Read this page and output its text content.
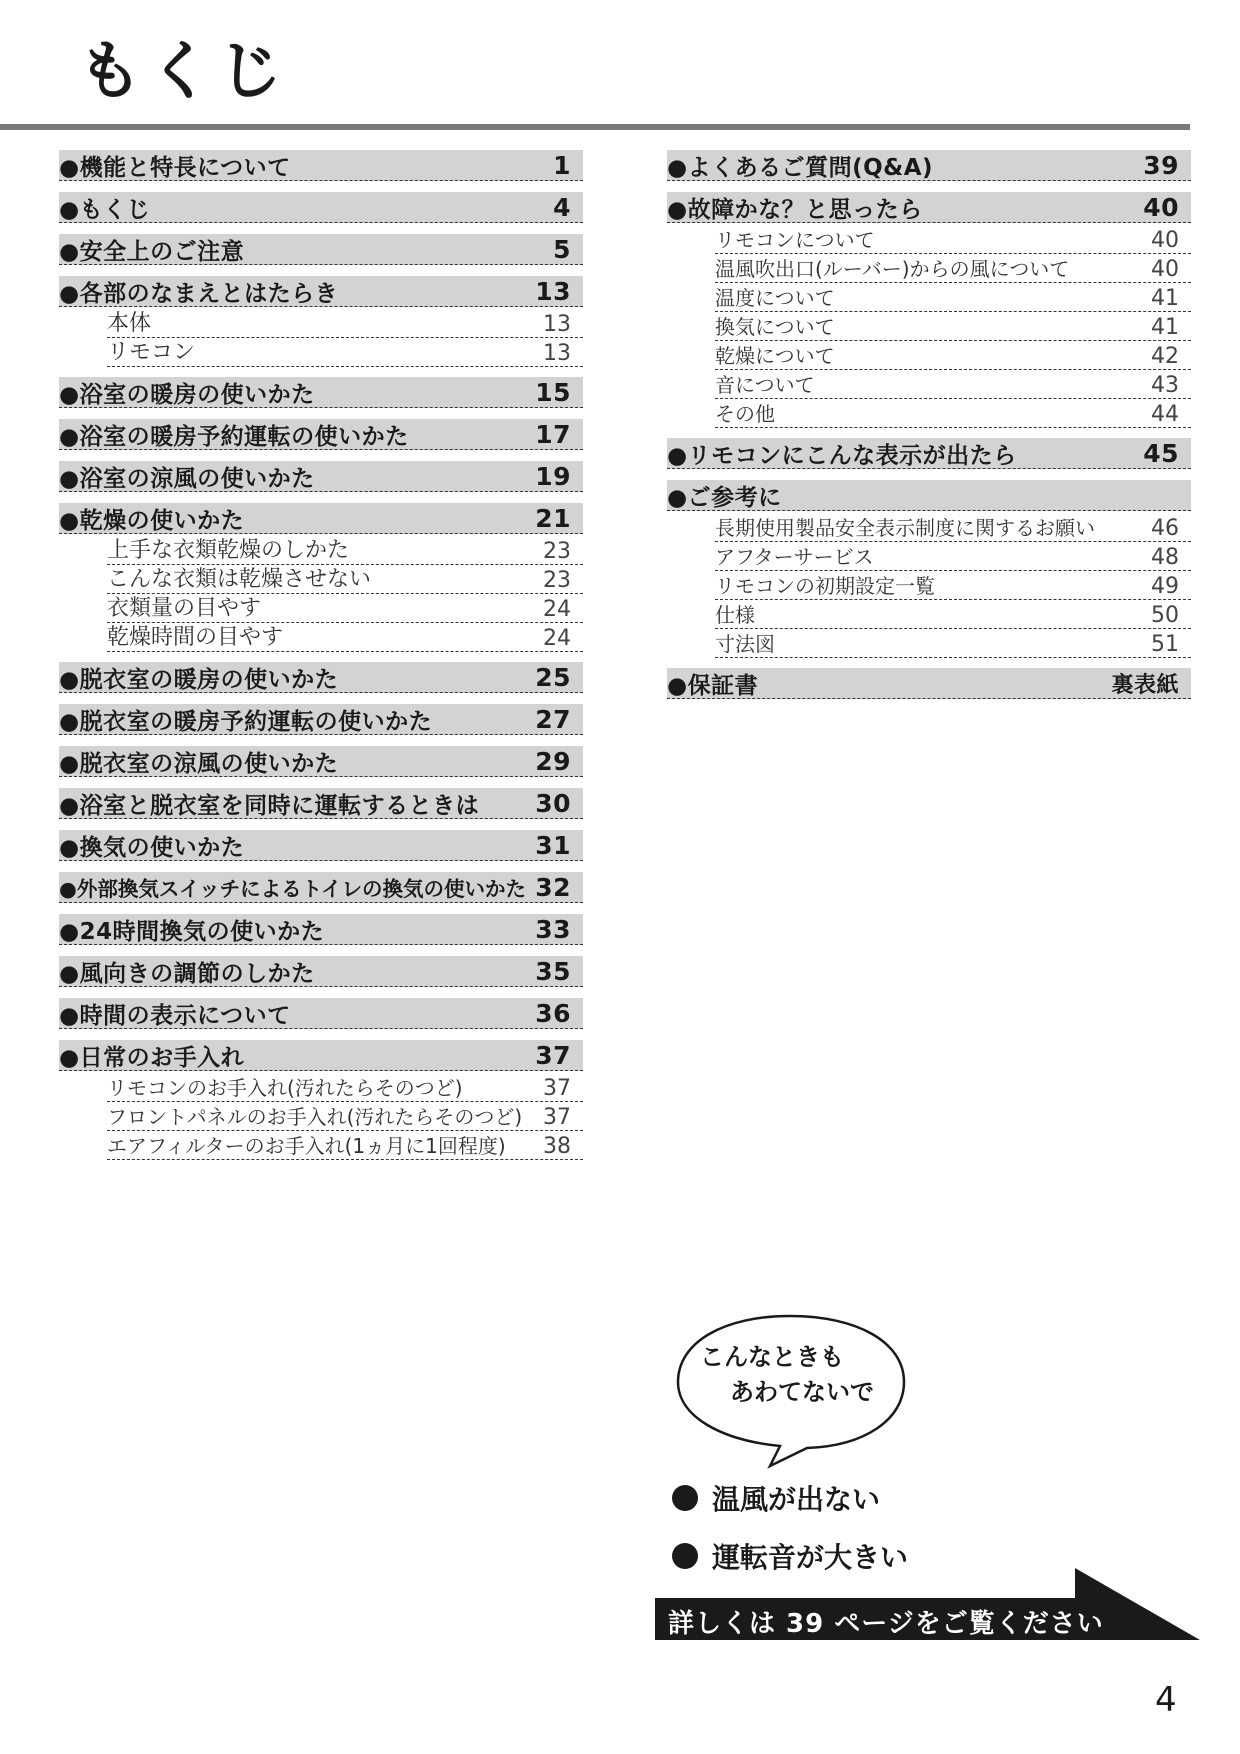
もくじ
●機能と特長について	1
●もくじ	4
●安全上のご注意	5
●各部のなまえとはたらき	13
本体	13
リモコン	13
●浴室の暖房の使いかた	15
●浴室の暖房予約運転の使いかた	17
●浴室の涼風の使いかた	19
●乾燥の使いかた	21
上手な衣類乾燥のしかた	23
こんな衣類は乾燥させない	23
衣類量の目やす	24
乾燥時間の目やす	24
●脱衣室の暖房の使いかた	25
●脱衣室の暖房予約運転の使いかた	27
●脱衣室の涼風の使いかた	29
●浴室と脱衣室を同時に運転するときは 30
●換気の使いかた	31
●外部換気スイッチによるトイレの換気の使いかた 32
●24時間換気の使いかた	33
●風向きの調節のしかた	35
●時間の表示について	36
●日常のお手入れ	37
リモコンのお手入れ(汚れたらそのつど)	37
フロントパネルのお手入れ(汚れたらそのつど) 37
エアフィルターのお手入れ(1ヵ月に1回程度) 38
●よくあるご質問(Q&A)	39
●故障かな？と思ったら	40
リモコンについて	40
温風吹出口(ルーバー)からの風について	40
温度について	41
換気について	41
乾燥について	42
音について	43
その他	44
●リモコンにこんな表示が出たら	45
●ご参考に
長期使用製品安全表示制度に関するお願い	46
アフターサービス	48
リモコンの初期設定一覧	49
仕様	50
寸法図	51
●保証書	裏表紙
こんなときも
あわてないで
温風が出ない
運転音が大きい
詳しくは 39 ページをご覧ください
4
